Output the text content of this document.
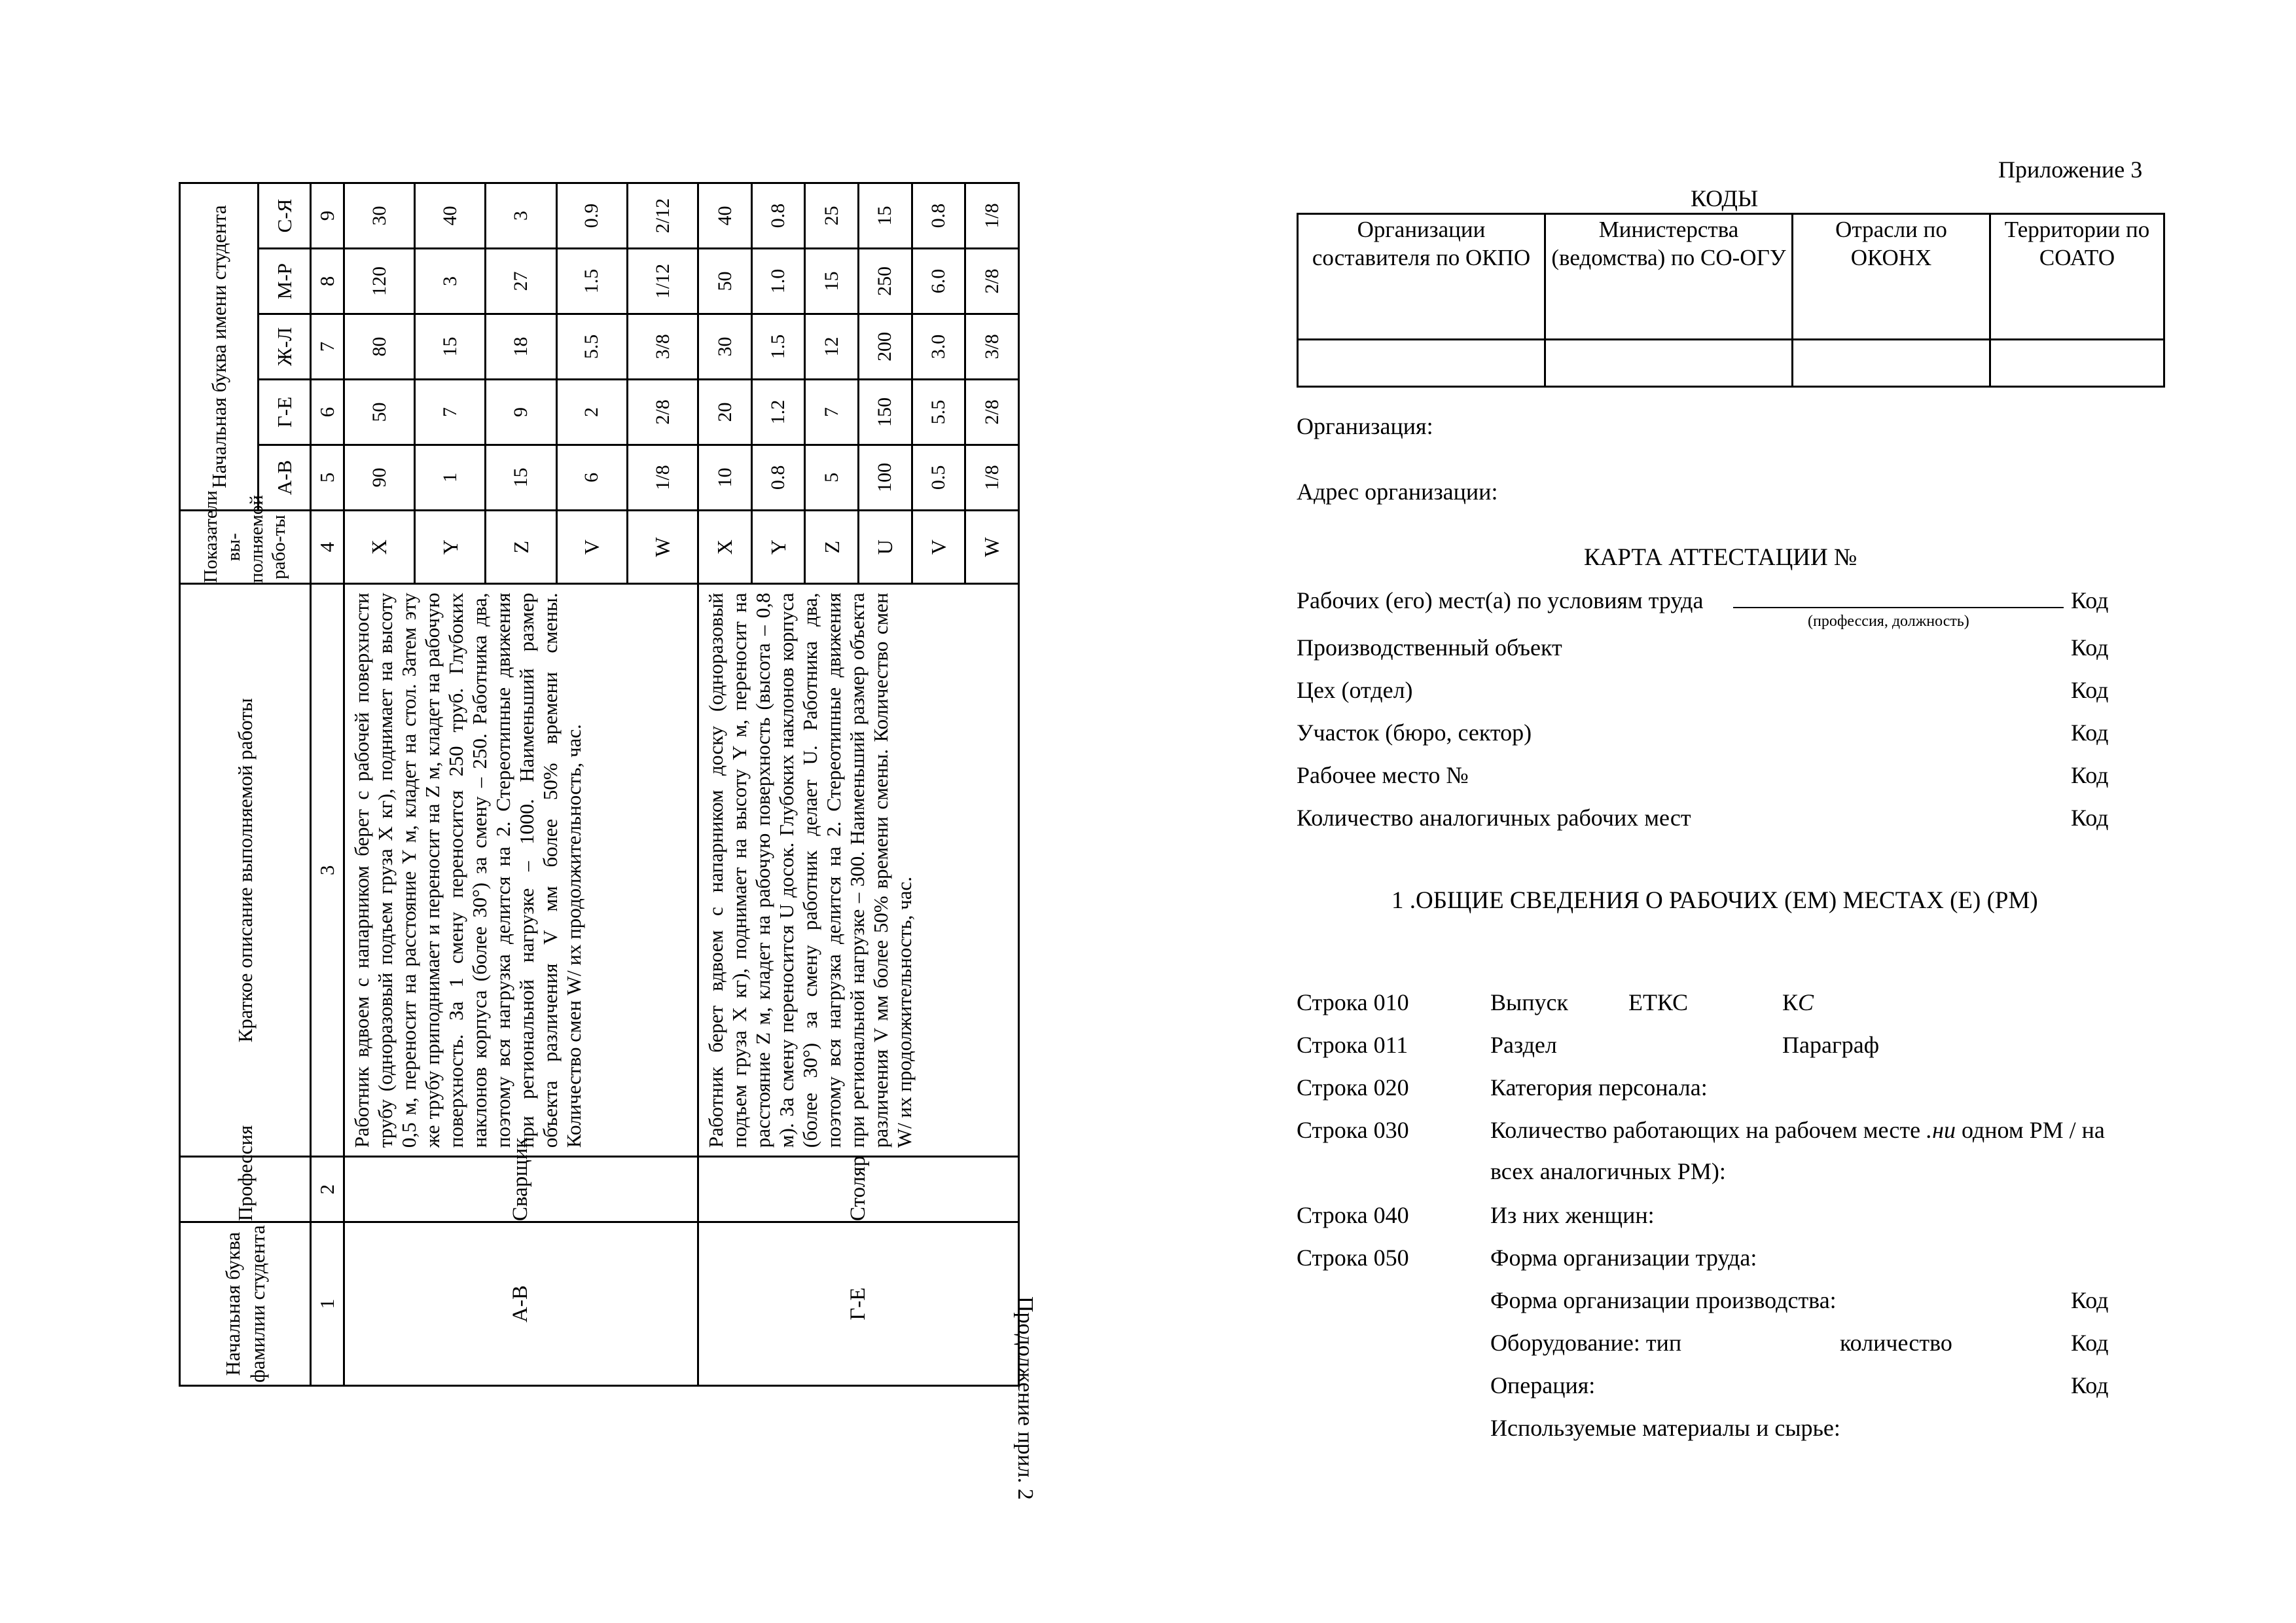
Начальная буква фамилии студента	Профессия	Краткое описание выполняемой работы	Показатели вы-полняемой рабо-ты	Начальная буква имени студента				
				А-В	Г-Е	Ж-Л	М-Р	С-Я
1	2	3	4	5	6	7	8	9
А-В	Сварщик	Работник вдвоем с напарником берет с рабочей поверхности трубу (одноразовый подъем груза X кг), поднимает на высоту 0,5 м, переносит на расстояние Y м, кладет на стол. Затем эту же трубу приподнимает и переносит на Z м, кладет на рабочую поверхность. За 1 смену переносится 250 труб. Глубоких наклонов корпуса (более 30°) за смену – 250. Работника два, поэтому вся нагрузка делится на 2. Стереотипные движения при региональной нагрузке – 1000. Наименьший размер объекта различения V мм более 50% времени смены. Количество смен W/ их продолжительность, час.	X	90	50	80	120	30
			Y	1	7	15	3	40
			Z	15	9	18	27	3
			V	6	2	5.5	1.5	0.9
			W	1/8	2/8	3/8	1/12	2/12
Г-Е	Столяр	Работник берет вдвоем с напарником доску (одноразовый подъем груза X кг), поднимает на высоту Y м, переносит на расстояние Z м, кладет на рабочую поверхность (высота – 0,8 м). За смену переносится U досок. Глубоких наклонов корпуса (более 30°) за смену работник делает U. Работника два, поэтому вся нагрузка делится на 2. Стереотипные движения при региональной нагрузке – 300. Наименьший размер объекта различения V мм более 50% времени смены. Количество смен W/ их продолжительность, час.	X	10	20	30	50	40
			Y	0.8	1.2	1.5	1.0	0.8
			Z	5	7	12	15	25
			U	100	150	200	250	15
			V	0.5	5.5	3.0	6.0	0.8
			W	1/8	2/8	3/8	2/8	1/8
Продолжение прил. 2
Приложение 3
КОДЫ
Организации составителя по ОКПО	Министерства (ведомства) по СО-ОГУ	Отрасли по ОКОНХ	Территории по СОАТО

Организация:
Адрес организации:
КАРТА АТТЕСТАЦИИ №
Рабочих (его) мест(а) по условиям труда
(профессия, должность)
Код
Производственный объект	Код
Цех (отдел)	Код
Участок (бюро, сектор)	Код
Рабочее место №	Код
Количество аналогичных рабочих мест	Код
1 .ОБЩИЕ СВЕДЕНИЯ О РАБОЧИХ (ЕМ) МЕСТАХ (Е) (РМ)
Строка 010	Выпуск	ЕТКС	КС
Строка 011	Раздел	Параграф
Строка 020	Категория персонала:
Строка 030	Количество работающих на рабочем месте .ни одном РМ / на
всех аналогичных РМ):
Строка 040	Из них женщин:
Строка 050	Форма организации труда:
Форма организации производства:	Код
Оборудование: тип	количество	Код
Операция:	Код
Используемые материалы и сырье:
